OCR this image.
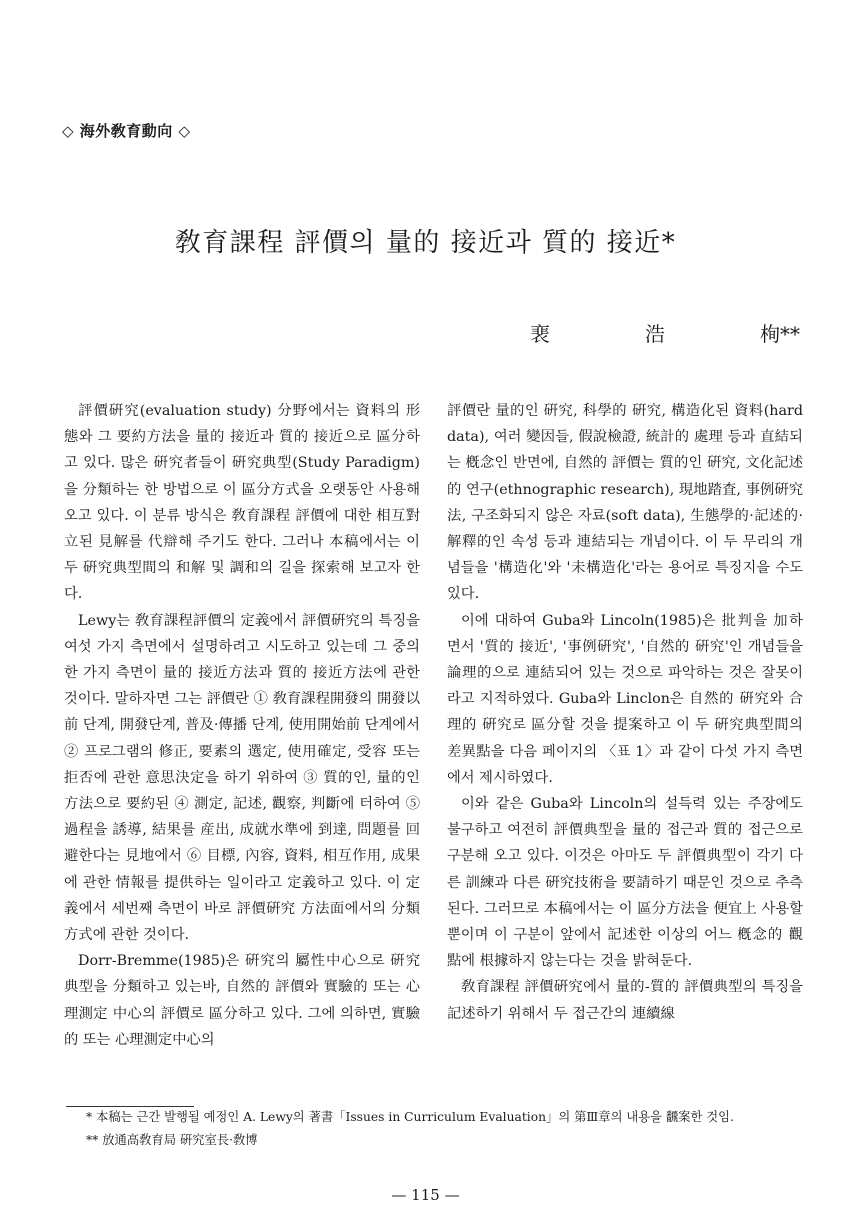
◇ 海外敎育動向 ◇
敎育課程 評價의 量的 接近과 質的 接近*
裵	浩	栒**

評價硏究(evaluation study) 分野에서는 資料의 形態와 그 要約方法을 量的 接近과 質的 接近으로 區分하고 있다. 많은 硏究者들이 硏究典型(Study Paradigm)을 分類하는 한 방법으로 이 區分方式을 오랫동안 사용해 오고 있다. 이 분류 방식은 敎育課程 評價에 대한 相互對立된 見解를 代辯해 주기도 한다. 그러나 本稿에서는 이 두 硏究典型間의 和解 및 調和의 길을 探索해 보고자 한다.

Lewy는 敎育課程評價의 定義에서 評價硏究의 특징을 여섯 가지 측면에서 설명하려고 시도하고 있는데 그 중의 한 가지 측면이 量的 接近方法과 質的 接近方法에 관한 것이다. 말하자면 그는 評價란 ① 敎育課程開發의 開發以前 단계, 開發단계, 普及·傳播 단계, 使用開始前 단계에서 ② 프로그램의 修正, 要素의 選定, 使用確定, 受容 또는 拒否에 관한 意思決定을 하기 위하여 ③ 質的인, 量的인 方法으로 要約된 ④ 測定, 記述, 觀察, 判斷에 터하여 ⑤ 過程을 誘導, 結果를 産出, 成就水準에 到達, 問題를 回避한다는 見地에서 ⑥ 目標, 內容, 資料, 相互作用, 成果에 관한 情報를 提供하는 일이라고 定義하고 있다. 이 定義에서 세번째 측면이 바로 評價硏究 方法面에서의 分類方式에 관한 것이다.

Dorr-Bremme(1985)은 硏究의 屬性中心으로 硏究典型을 分類하고 있는바, 自然的 評價와 實驗的 또는 心理測定 中心의 評價로 區分하고 있다. 그에 의하면, 實驗的 또는 心理測定中心의

評價란 量的인 硏究, 科學的 硏究, 構造化된 資料(hard data), 여러 變因들, 假說檢證, 統計的 處理 등과 直結되는 槪念인 반면에, 自然的 評價는 質的인 硏究, 文化記述的 연구(ethnographic research), 現地踏査, 事例硏究法, 구조화되지 않은 자료(soft data), 生態學的·記述的·解釋的인 속성 등과 連結되는 개념이다. 이 두 무리의 개념들을 '構造化'와 '未構造化'라는 용어로 특징지을 수도 있다.

이에 대하여 Guba와 Lincoln(1985)은 批判을 加하면서 '質的 接近', '事例硏究', '自然的 硏究'인 개념들을 論理的으로 連結되어 있는 것으로 파악하는 것은 잘못이라고 지적하였다. Guba와 Linclon은 自然的 硏究와 合理的 硏究로 區分할 것을 提案하고 이 두 硏究典型間의 差異點을 다음 페이지의 〈표 1〉과 같이 다섯 가지 측면에서 제시하였다.

이와 같은 Guba와 Lincoln의 설득력 있는 주장에도 불구하고 여전히 評價典型을 量的 접근과 質的 접근으로 구분해 오고 있다. 이것은 아마도 두 評價典型이 각기 다른 訓練과 다른 硏究技術을 要請하기 때문인 것으로 추측된다. 그러므로 本稿에서는 이 區分方法을 便宜上 사용할 뿐이며 이 구분이 앞에서 記述한 이상의 어느 槪念的 觀點에 根據하지 않는다는 것을 밝혀둔다.

敎育課程 評價硏究에서 量的-質的 評價典型의 특징을 記述하기 위해서 두 접근간의 連續線

* 本稿는 근간 발행될 예정인 A. Lewy의 著書「Issues in Curriculum Evaluation」의 第Ⅲ章의 내용을 飜案한 것임.

** 放通高敎育局 硏究室長·敎博

— 115 —
